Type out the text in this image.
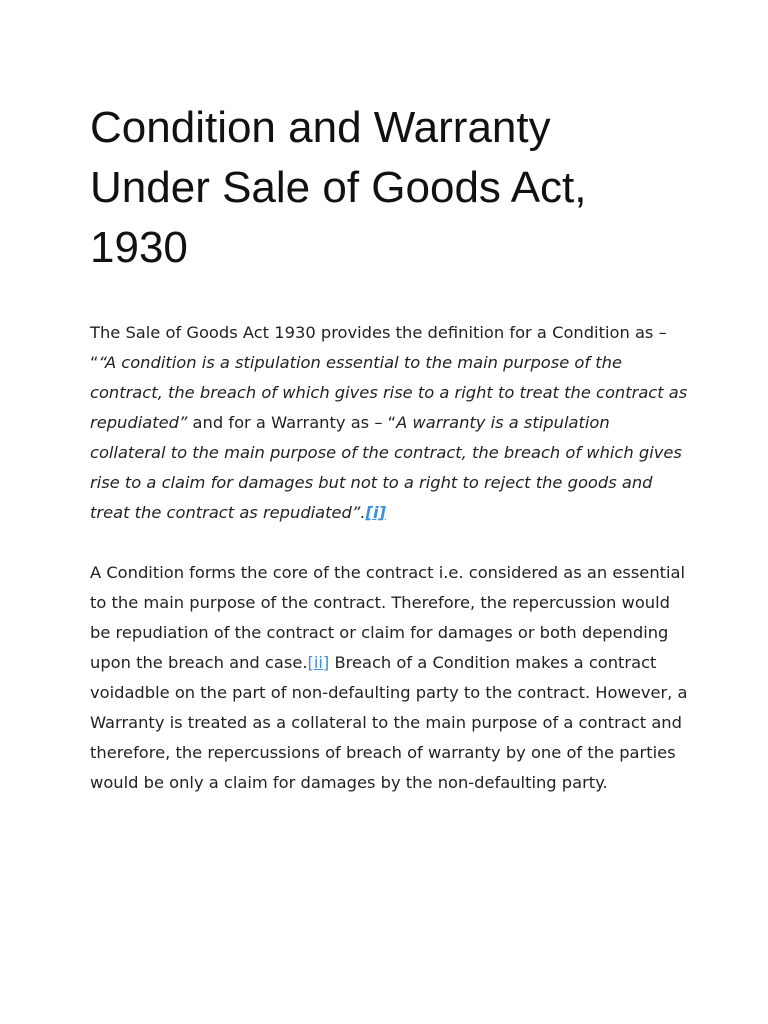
Condition and Warranty
Under Sale of Goods Act,
1930

The Sale of Goods Act 1930 provides the definition for a Condition as – ““A condition is a stipulation essential to the main purpose of the contract, the breach of which gives rise to a right to treat the contract as repudiated” and for a Warranty as – “A warranty is a stipulation collateral to the main purpose of the contract, the breach of which gives rise to a claim for damages but not to a right to reject the goods and treat the contract as repudiated”.[i]

A Condition forms the core of the contract i.e. considered as an essential to the main purpose of the contract. Therefore, the repercussion would be repudiation of the contract or claim for damages or both depending upon the breach and case.[ii] Breach of a Condition makes a contract voidadble on the part of non-defaulting party to the contract. However, a Warranty is treated as a collateral to the main purpose of a contract and therefore, the repercussions of breach of warranty by one of the parties would be only a claim for damages by the non-defaulting party.
